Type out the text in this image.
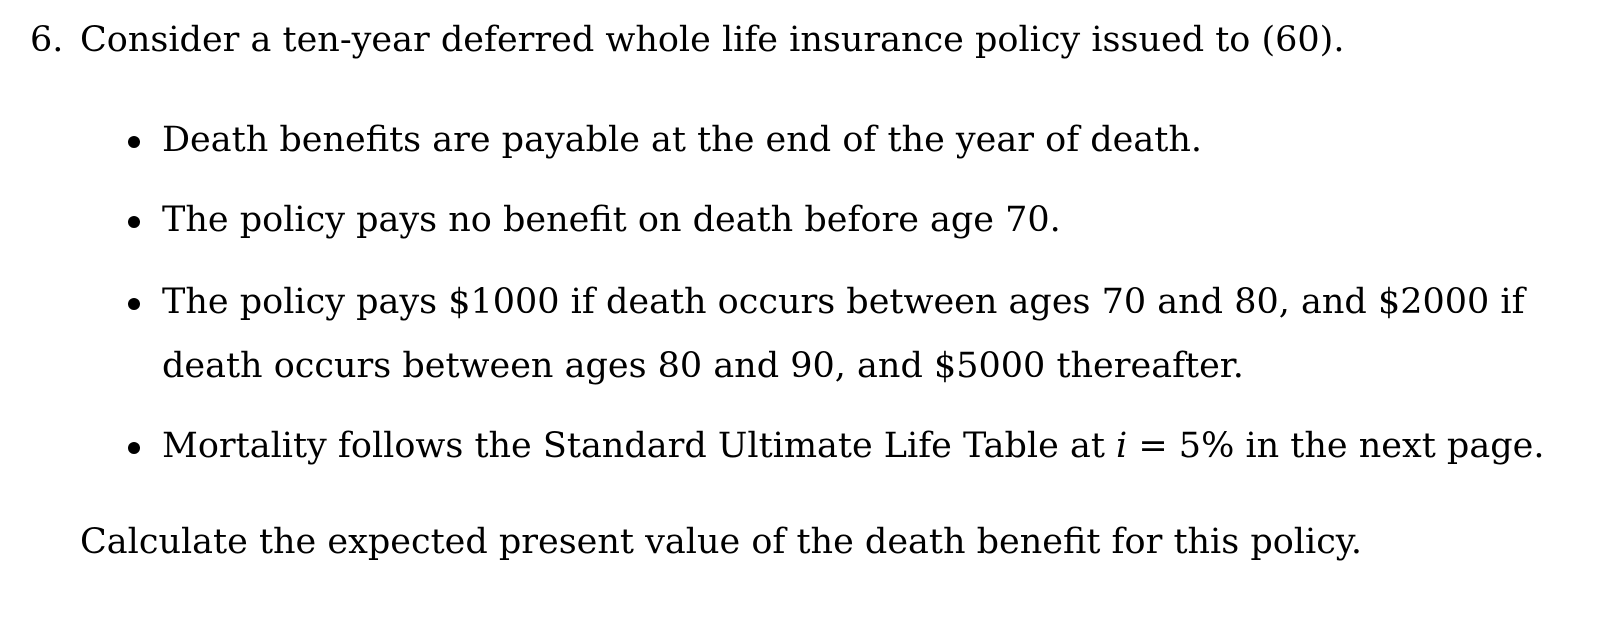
6. Consider a ten-year deferred whole life insurance policy issued to (60).
Death benefits are payable at the end of the year of death.
The policy pays no benefit on death before age 70.
The policy pays $1000 if death occurs between ages 70 and 80, and $2000 if death occurs between ages 80 and 90, and $5000 thereafter.
Mortality follows the Standard Ultimate Life Table at i = 5% in the next page.
Calculate the expected present value of the death benefit for this policy.
